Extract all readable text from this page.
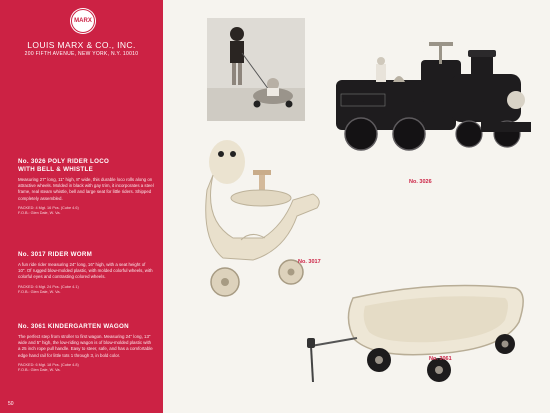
MARX
LOUIS MARX & CO., INC.
200 FIFTH AVENUE, NEW YORK, N.Y. 10010
No. 3026 POLY RIDER LOCO
WITH BELL & WHISTLE
Measuring 27" long, 11" high, 8" wide, this durable loco rolls along on attractive wheels. Molded in black with gay trim, it incorporates a steel frame, real steam whistle, bell and large seat for little riders. Shipped completely assembled.
PACKED: 4 Mgt. 16 Pcs. (Cube 4.6)
F.O.B.: Glen Dale, W. Va.
No. 3017 RIDER WORM
A fun ride rider measuring 24" long, 16" high, with a seat height of 10". Of rugged blow-molded plastic, with molded colorful wheels, with colorful eyes and contrasting colored wheels.
PACKED: 6 Mgt. 24 Pcs. (Cube 4.1)
F.O.B.: Glen Dale, W. Va.
No. 3061 KINDERGARTEN WAGON
The perfect step from stroller to first wagon. Measuring 24" long, 13" wide and 5" high, the low-riding wagon is of blow-molded plastic with a 25 inch rope pull handle. Easy to steer, safe, and has a comfortable edge hand rail for little tots 1 through 3, in bold color.
PACKED: 6 Mgt. 18 Pcs. (Cube 4.8)
F.O.B.: Glen Dale, W. Va.
50
No. 3026
No. 3017
No. 3061
